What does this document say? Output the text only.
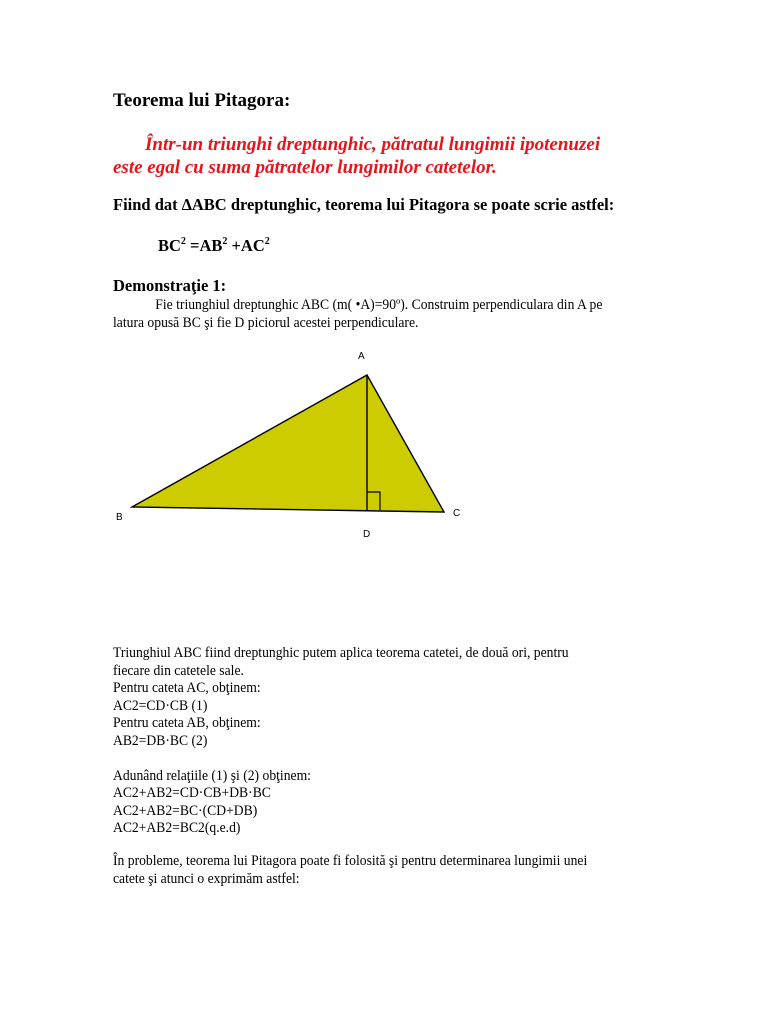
Teorema lui Pitagora:
Într-un triunghi dreptunghic, pătratul lungimii ipotenuzei
este egal cu suma pătratelor lungimilor catetelor.
Fiind dat ∆ABC dreptunghic, teorema lui Pitagora se poate scrie astfel:
$BC^2 =AB^2 +AC^2$
Demonstraţie 1:
Fie triunghiul dreptunghic ABC (m( •A)=90º). Construim perpendiculara din A pe
latura opusă BC şi fie D piciorul acestei perpendiculare.
A
B	C
D
Triunghiul ABC fiind dreptunghic putem aplica teorema catetei, de două ori, pentru
fiecare din catetele sale.
Pentru cateta AC, obţinem:
AC2=CD·CB (1)
Pentru cateta AB, obţinem:
AB2=DB·BC (2)
Adunând relaţiile (1) şi (2) obţinem:
AC2+AB2=CD·CB+DB·BC
AC2+AB2=BC·(CD+DB)
AC2+AB2=BC2(q.e.d)
În probleme, teorema lui Pitagora poate fi folosită şi pentru determinarea lungimii unei
catete şi atunci o exprimăm astfel:
